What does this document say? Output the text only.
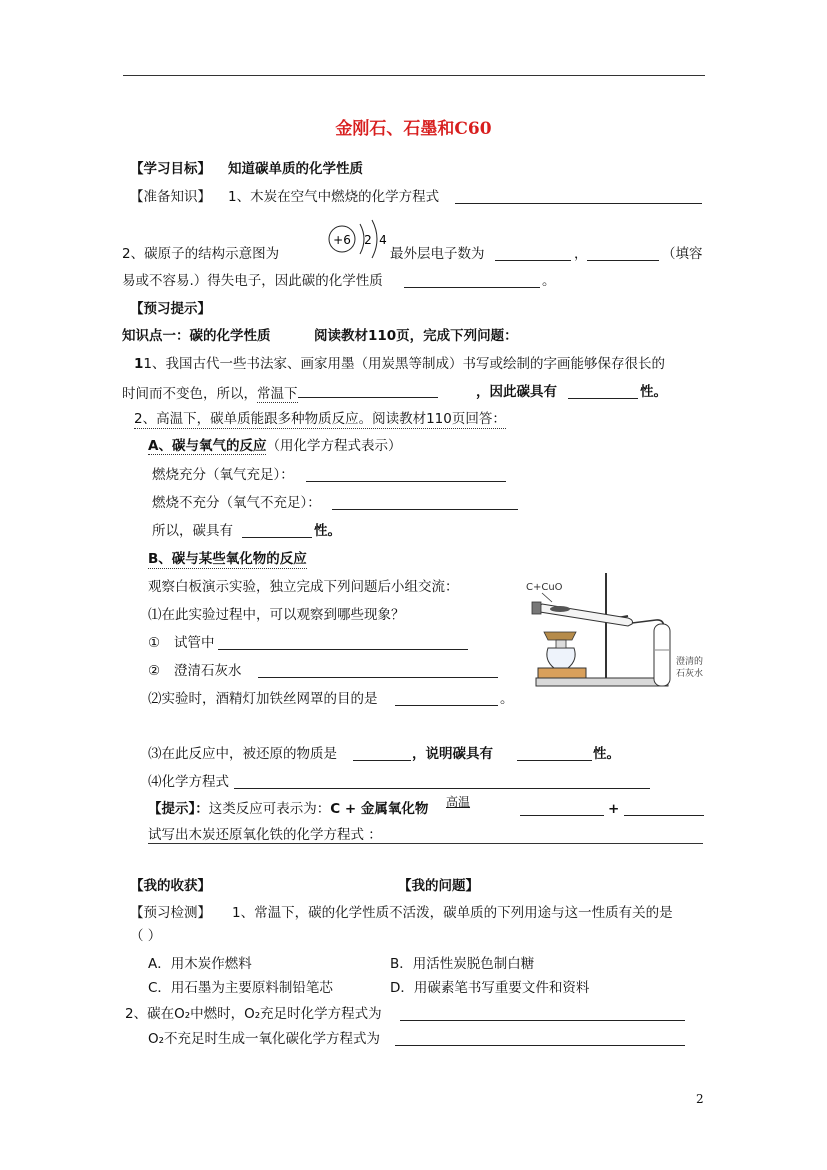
金刚石、石墨和C60
【学习目标】 知道碳单质的化学性质
【准备知识】 1、木炭在空气中燃烧的化学方程式
+6 2 4
2、碳原子的结构示意图为	最外层电子数为	，	（填容
易或不容易.）得失电子，因此碳的化学性质	。
【预习提示】
知识点一：碳的化学性质	阅读教材110页，完成下列问题：
11、我国古代一些书法家、画家用墨（用炭黑等制成）书写或绘制的字画能够保存很长的
时间而不变色，所以，常温下	，因此碳具有	性。
2、高温下，碳单质能跟多种物质反应。阅读教材110页回答：
A、碳与氧气的反应（用化学方程式表示）
燃烧充分（氧气充足）：
燃烧不充分（氧气不充足）：
所以，碳具有	性。
B、碳与某些氧化物的反应
观察白板演示实验，独立完成下列问题后小组交流：
⑴在此实验过程中，可以观察到哪些现象？
① 试管中
② 澄清石灰水
⑵实验时，酒精灯加铁丝网罩的目的是	。
⑶在此反应中，被还原的物质是	，说明碳具有	性。
⑷化学方程式
【提示】：这类反应可表示为：C + 金属氧化物 高温	+
试写出木炭还原氧化铁的化学方程式 ：
C+CuO
澄清的
石灰水
【我的收获】	【我的问题】
【预习检测】 1、常温下，碳的化学性质不活泼，碳单质的下列用途与这一性质有关的是
（ ）
A．用木炭作燃料	B．用活性炭脱色制白糖
C．用石墨为主要原料制铅笔芯	D．用碳素笔书写重要文件和资料
2、碳在O₂中燃时，O₂充足时化学方程式为
O₂不充足时生成一氧化碳化学方程式为
2
